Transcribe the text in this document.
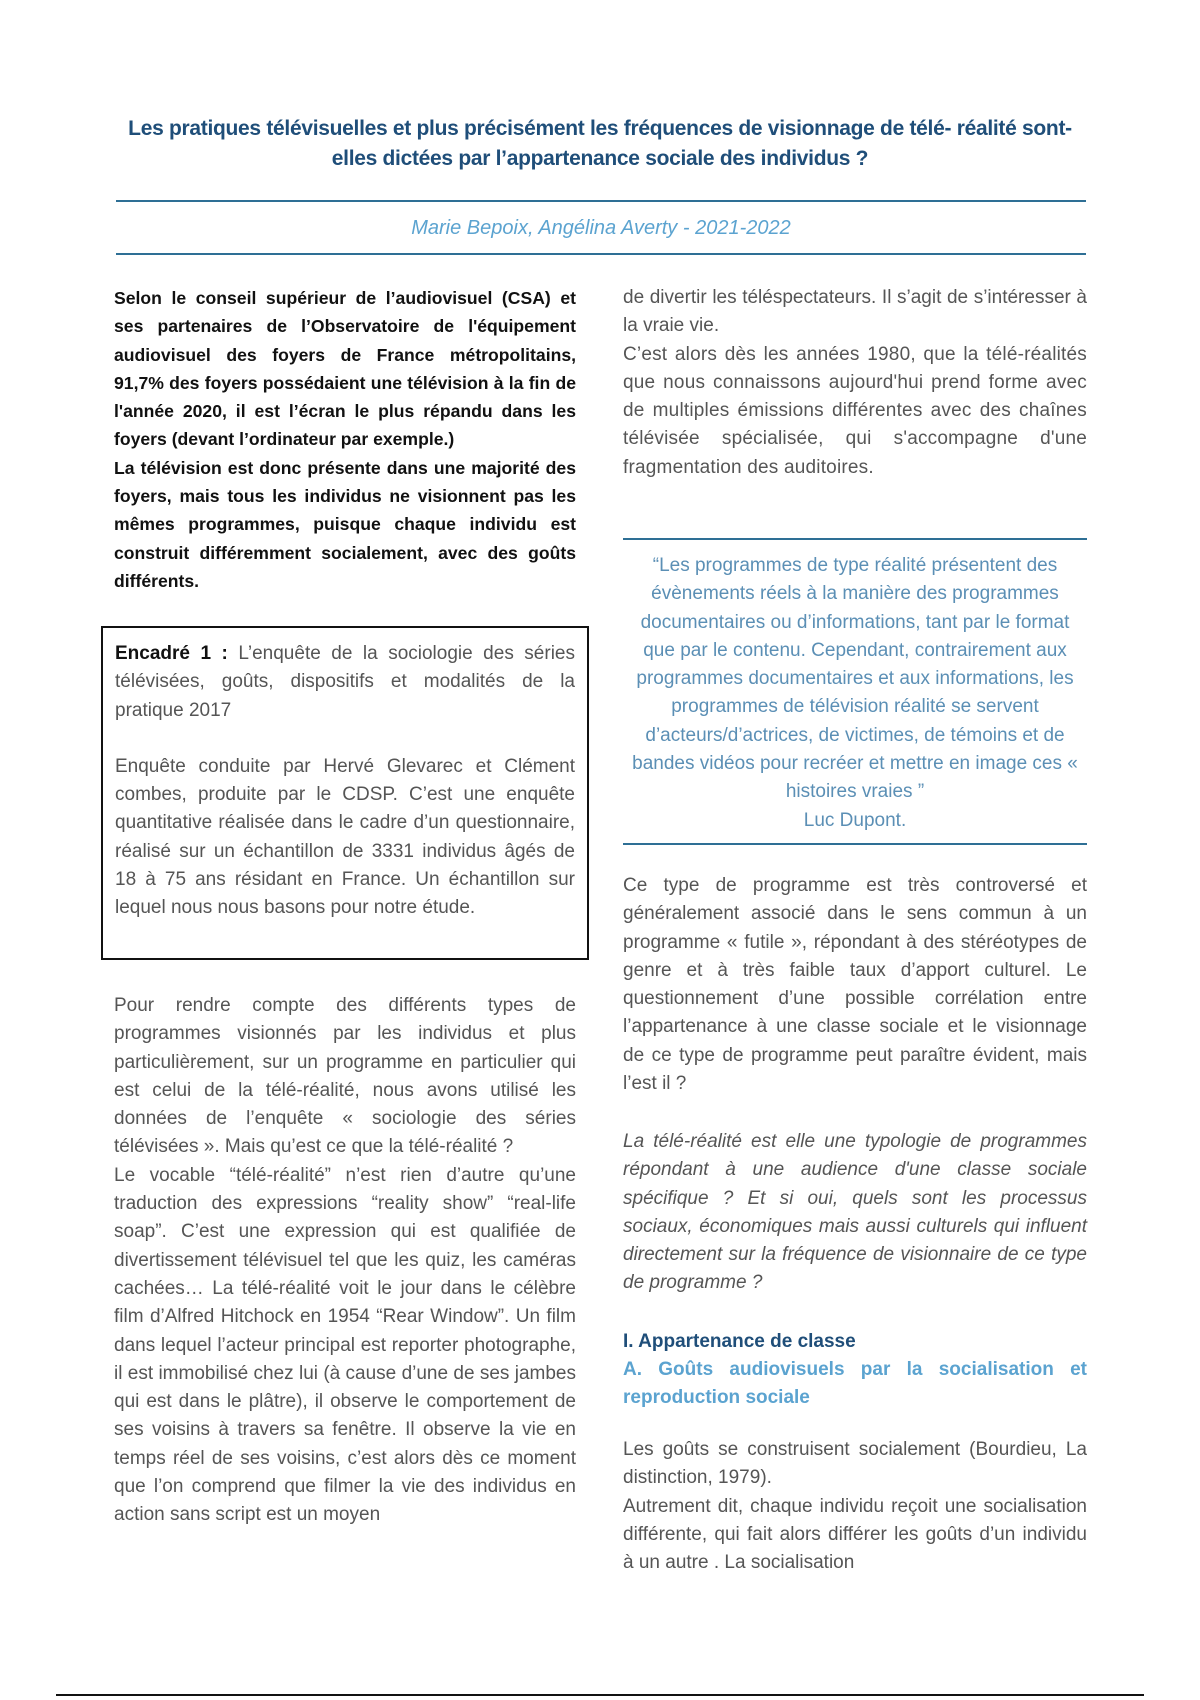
Les pratiques télévisuelles et plus précisément les fréquences de visionnage de télé- réalité sont-
elles dictées par l’appartenance sociale des individus ?
Marie Bepoix, Angélina Averty - 2021-2022

Selon le conseil supérieur de l’audiovisuel (CSA) et ses partenaires de l’Observatoire de l'équipement audiovisuel des foyers de France métropolitains, 91,7% des foyers possédaient une télévision à la fin de l'année 2020, il est l’écran le plus répandu dans les foyers (devant l’ordinateur par exemple.)

La télévision est donc présente dans une majorité des foyers, mais tous les individus ne visionnent pas les mêmes programmes, puisque chaque individu est construit différemment socialement, avec des goûts différents.

Encadré 1 : L’enquête de la sociologie des séries télévisées, goûts, dispositifs et modalités de la pratique 2017

Enquête conduite par Hervé Glevarec et Clément combes, produite par le CDSP. C’est une enquête quantitative réalisée dans le cadre d’un questionnaire, réalisé sur un échantillon de 3331 individus âgés de 18 à 75 ans résidant en France. Un échantillon sur lequel nous nous basons pour notre étude.

Pour rendre compte des différents types de programmes visionnés par les individus et plus particulièrement, sur un programme en particulier qui est celui de la télé-réalité, nous avons utilisé les données de l’enquête « sociologie des séries télévisées ». Mais qu’est ce que la télé-réalité ?

Le vocable “télé-réalité” n’est rien d’autre qu’une traduction des expressions “reality show” “real-life soap”. C’est une expression qui est qualifiée de divertissement télévisuel tel que les quiz, les caméras cachées… La télé-réalité voit le jour dans le célèbre film d’Alfred Hitchock en 1954 “Rear Window”. Un film dans lequel l’acteur principal est reporter photographe, il est immobilisé chez lui (à cause d’une de ses jambes qui est dans le plâtre), il observe le comportement de ses voisins à travers sa fenêtre. Il observe la vie en temps réel de ses voisins, c’est alors dès ce moment que l’on comprend que filmer la vie des individus en action sans script est un moyen

de divertir les téléspectateurs. Il s’agit de s’intéresser à la vraie vie.

C’est alors dès les années 1980, que la télé-réalités que nous connaissons aujourd'hui prend forme avec de multiples émissions différentes avec des chaînes télévisée spécialisée, qui s'accompagne d'une fragmentation des auditoires.

“Les programmes de type réalité présentent des évènements réels à la manière des programmes documentaires ou d’informations, tant par le format que par le contenu. Cependant, contrairement aux programmes documentaires et aux informations, les programmes de télévision réalité se servent d’acteurs/d’actrices, de victimes, de témoins et de bandes vidéos pour recréer et mettre en image ces « histoires vraies ”

Luc Dupont.

Ce type de programme est très controversé et généralement associé dans le sens commun à un programme « futile », répondant à des stéréotypes de genre et à très faible taux d’apport culturel. Le questionnement d’une possible corrélation entre l’appartenance à une classe sociale et le visionnage de ce type de programme peut paraître évident, mais l’est il ?

La télé-réalité est elle une typologie de programmes répondant à une audience d'une classe sociale spécifique ? Et si oui, quels sont les processus sociaux, économiques mais aussi culturels qui influent directement sur la fréquence de visionnaire de ce type de programme ?

I. Appartenance de classe

A. Goûts audiovisuels par la socialisation et reproduction sociale

Les goûts se construisent socialement (Bourdieu, La distinction, 1979).

Autrement dit, chaque individu reçoit une socialisation différente, qui fait alors différer les goûts d’un individu à un autre . La socialisation
